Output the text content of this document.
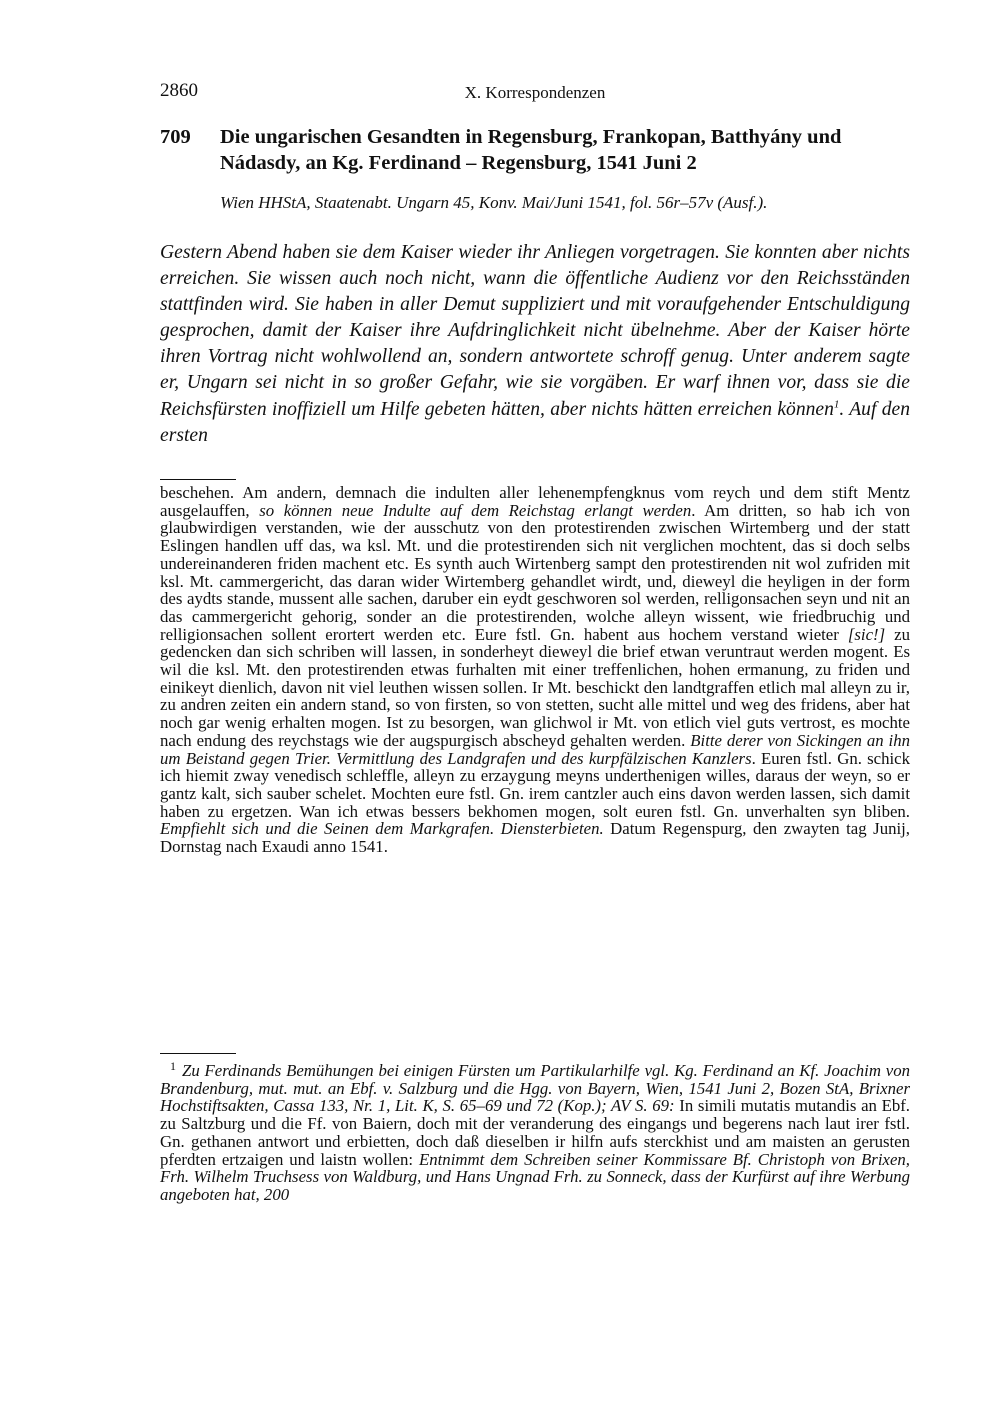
2860	X. Korrespondenzen
709 Die ungarischen Gesandten in Regensburg, Frankopan, Batthyány und
Nádasdy, an Kg. Ferdinand – Regensburg, 1541 Juni 2
Wien HHStA, Staatenabt. Ungarn 45, Konv. Mai/Juni 1541, fol. 56r–57v (Ausf.).
Gestern Abend haben sie dem Kaiser wieder ihr Anliegen vorgetragen. Sie konnten aber nichts erreichen. Sie wissen auch noch nicht, wann die öffentliche Audienz vor den Reichsständen stattfinden wird. Sie haben in aller Demut suppliziert und mit voraufgehender Entschuldigung gesprochen, damit der Kaiser ihre Aufdringlichkeit nicht übelnehme. Aber der Kaiser hörte ihren Vortrag nicht wohlwollend an, sondern antwortete schroff genug. Unter anderem sagte er, Ungarn sei nicht in so großer Gefahr, wie sie vorgäben. Er warf ihnen vor, dass sie die Reichsfürsten inoffiziell um Hilfe gebeten hätten, aber nichts hätten erreichen können$^1$. Auf den ersten

beschehen. Am andern, demnach die indulten aller lehenempfengknus vom reych und dem stift Mentz ausgelauffen, so können neue Indulte auf dem Reichstag erlangt werden. Am dritten, so hab ich von glaubwirdigen verstanden, wie der ausschutz von den protestirenden zwischen Wirtemberg und der statt Eslingen handlen uff das, wa ksl. Mt. und die protestirenden sich nit verglichen mochtent, das si doch selbs undereinanderen friden machent etc. Es synth auch Wirtenberg sampt den protestirenden nit wol zufriden mit ksl. Mt. cammergericht, das daran wider Wirtemberg gehandlet wirdt, und, dieweyl die heyligen in der form des aydts stande, mussent alle sachen, daruber ein eydt geschworen sol werden, relligonsachen seyn und nit an das cammergericht gehorig, sonder an die protestirenden, wolche alleyn wissent, wie friedbruchig und relligionsachen sollent erortert werden etc. Eure fstl. Gn. habent aus hochem verstand wieter [sic!] zu gedencken dan sich schriben will lassen, in sonderheyt dieweyl die brief etwan veruntraut werden mogent. Es wil die ksl. Mt. den protestirenden etwas furhalten mit einer treffenlichen, hohen ermanung, zu friden und einikeyt dienlich, davon nit viel leuthen wissen sollen. Ir Mt. beschickt den landtgraffen etlich mal alleyn zu ir, zu andren zeiten ein andern stand, so von firsten, so von stetten, sucht alle mittel und weg des fridens, aber hat noch gar wenig erhalten mogen. Ist zu besorgen, wan glichwol ir Mt. von etlich viel guts vertrost, es mochte nach endung des reychstags wie der augspurgisch abscheyd gehalten werden. Bitte derer von Sickingen an ihn um Beistand gegen Trier. Vermittlung des Landgrafen und des kurpfälzischen Kanzlers. Euren fstl. Gn. schick ich hiemit zway venedisch schleffle, alleyn zu erzaygung meyns underthenigen willes, daraus der weyn, so er gantz kalt, sich sauber schelet. Mochten eure fstl. Gn. irem cantzler auch eins davon werden lassen, sich damit haben zu ergetzen. Wan ich etwas bessers bekhomen mogen, solt euren fstl. Gn. unverhalten syn bliben. Empfiehlt sich und die Seinen dem Markgrafen. Diensterbieten. Datum Regenspurg, den zwayten tag Junij, Dornstag nach Exaudi anno 1541.

1 Zu Ferdinands Bemühungen bei einigen Fürsten um Partikularhilfe vgl. Kg. Ferdinand an Kf. Joachim von Brandenburg, mut. mut. an Ebf. v. Salzburg und die Hgg. von Bayern, Wien, 1541 Juni 2, Bozen StA, Brixner Hochstiftsakten, Cassa 133, Nr. 1, Lit. K, S. 65–69 und 72 (Kop.); AV S. 69: In simili mutatis mutandis an Ebf. zu Saltzburg und die Ff. von Baiern, doch mit der veranderung des eingangs und begerens nach laut irer fstl. Gn. gethanen antwort und erbietten, doch daß dieselben ir hilfn aufs sterckhist und am maisten an gerusten pferdten ertzaigen und laistn wollen: Entnimmt dem Schreiben seiner Kommissare Bf. Christoph von Brixen, Frh. Wilhelm Truchsess von Waldburg, und Hans Ungnad Frh. zu Sonneck, dass der Kurfürst auf ihre Werbung angeboten hat, 200
